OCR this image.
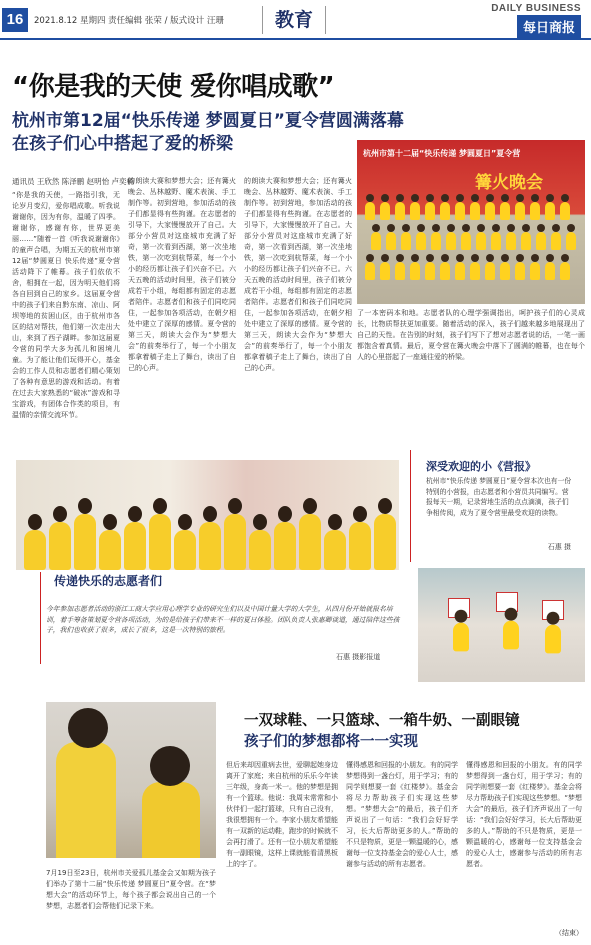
16	2021.8.12 星期四 责任编辑 张荣 / 版式设计 汪珊	教育
DAILY BUSINESS
每日商报
“你是我的天使 爱你唱成歌”
杭州市第12届“快乐传递 梦圆夏日”夏令营圆满落幕
在孩子们心中搭起了爱的桥梁
通讯员 王欣然 陈泽鹏 赵明怡 卢奕楠
“你是我的天使，一路指引我，无论岁月变幻，爱你唱成歌。听我说谢谢你，因为有你，温暖了四季。谢谢你，感谢有你，世界更美丽……”随着一首《听我说谢谢你》的童声合唱，为期五天的杭州市第12届“梦圆夏日 快乐传递”夏令营活动降下了帷幕。孩子们依依不舍，相拥在一起，因为明天他们将各自回到自己的家乡。这届夏令营中的孩子们来自黔东南、凉山、阿坝等地的贫困山区，由于杭州市各区的结对帮扶，他们第一次走出大山，来到了西子湖畔。参加这届夏令营的同学大多为孤儿和困境儿童。为了能让他们玩得开心，基金会的工作人员和志愿者们精心策划了各种有意思的游戏和活动。有着在过去大家熟悉的“破冰”游戏和寻宝游戏，有团体合作类的项目，有温情的亲情交流环节。
的朗读大赛和梦想大会；还有篝火晚会、丛林越野、魔术表演、手工制作等。初到营地，参加活动的孩子们都显得有些拘谨。在志愿者的引导下，大家慢慢放开了自己。大部分小营员对这座城市充满了好奇，第一次看到西湖，第一次坐地铁，第一次吃到杭帮菜，每一个小小的经历都让孩子们兴奋不已。六天五晚的活动时间里，孩子们被分成若干小组，每组都有固定的志愿者陪伴。志愿者们和孩子们同吃同住，一起参加各项活动，在朝夕相处中建立了深厚的感情。夏令营的第三天，朗读大会作为“梦想大会”的前奏举行了，每一个小朋友都拿着稿子走上了舞台，读出了自己的心声。
的朗读大赛和梦想大会；还有篝火晚会、丛林越野、魔术表演、手工制作等。初到营地，参加活动的孩子们都显得有些拘谨。在志愿者的引导下，大家慢慢放开了自己。大部分小营员对这座城市充满了好奇，第一次看到西湖，第一次坐地铁，第一次吃到杭帮菜，每一个小小的经历都让孩子们兴奋不已。六天五晚的活动时间里，孩子们被分成若干小组，每组都有固定的志愿者陪伴。志愿者们和孩子们同吃同住，一起参加各项活动，在朝夕相处中建立了深厚的感情。夏令营的第三天，朗读大会作为“梦想大会”的前奏举行了，每一个小朋友都拿着稿子走上了舞台，读出了自己的心声。
了一本密码本和地。志愿者队的心理学强调指出，呵护孩子们的心灵成长，比物质帮扶更加重要。随着活动的深入，孩子们越来越多地展现出了自己的天性。在告别的时刻，孩子们写下了想对志愿者说的话，一笔一画都饱含着真情。最后，夏令营在篝火晚会中落下了圆满的帷幕，也在每个人的心里搭起了一座通往爱的桥梁。
杭州市第十二届“快乐传递 梦圆夏日”夏令营
篝火晚会
深受欢迎的小《营报》
杭州市“快乐传递 梦圆夏日”夏令营本次也有一份特别的小营报，由志愿者和小营员共同编写。营报每天一期，记录营地生活的点点滴滴，孩子们争相传阅，成为了夏令营里最受欢迎的读物。
石惠 摄
传递快乐的志愿者们
今年参加志愿者活动的浙江工商大学应用心理学专业的研究生们以及中国计量大学的大学生，从四月份开始就报名培训，着手筹备策划夏令营各项活动，为的是给孩子们带来不一样的夏日体验。团队负责人张惠卿谈道，通过陪伴这些孩子，我们也收获了很多，成长了很多，这是一次特别的旅程。
石惠 摄影报道
一双球鞋、一只篮球、一箱牛奶、一副眼镜
孩子们的梦想都将一一实现
7月19日至23日，杭州市关爱孤儿基金会又如期为孩子们举办了第十二届“快乐传递 梦圆夏日”夏令营。在“梦想大会”的活动环节上，每个孩子都会说出自己的一个梦想，志愿者们会帮他们记录下来。
但后来却因重病去世，爱聊起她身边离开了家庭；来自杭州的乐乐今年读三年级，身高一米一。他的梦想是拥有一个篮球。他说：我周末常常和小伙伴们一起打篮球，只有自己没有，我很想拥有一个。李家小朋友希望能有一双新的运动鞋，跑步的时候就不会再打滑了。还有一位小朋友希望能有一副眼镜，这样上课就能看清黑板上的字了。
懂得感恩和回报的小朋友。有的同学梦想得到一盏台灯，用于学习；有的同学则想要一套《红楼梦》。基金会将尽力帮助孩子们实现这些梦想。“梦想大会”的最后，孩子们齐声说出了一句话：“我们会好好学习，长大后帮助更多的人。”帮助的不只是物质，更是一颗温暖的心，感谢每一位支持基金会的爱心人士，感谢参与活动的所有志愿者。
懂得感恩和回报的小朋友。有的同学梦想得到一盏台灯，用于学习；有的同学则想要一套《红楼梦》。基金会将尽力帮助孩子们实现这些梦想。“梦想大会”的最后，孩子们齐声说出了一句话：“我们会好好学习，长大后帮助更多的人。”帮助的不只是物质，更是一颗温暖的心，感谢每一位支持基金会的爱心人士，感谢参与活动的所有志愿者。
（结束）
